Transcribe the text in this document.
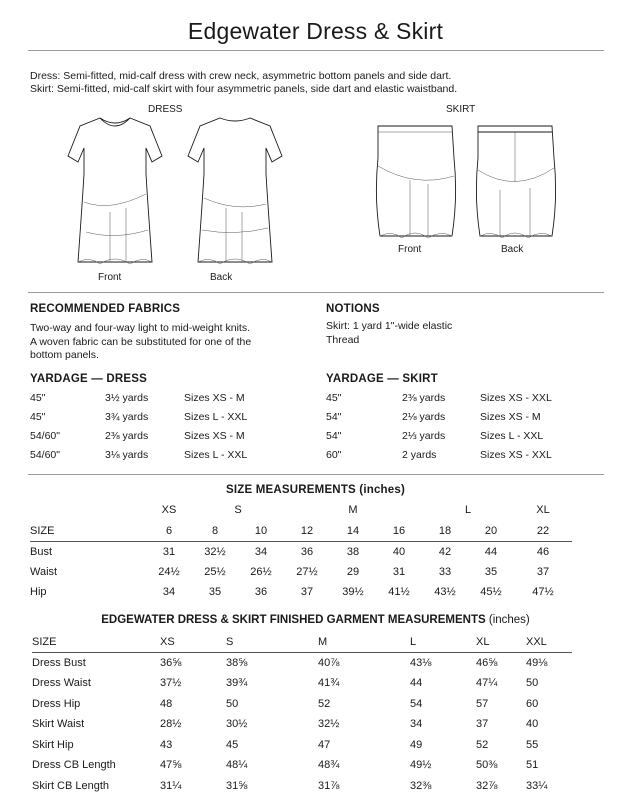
Edgewater Dress & Skirt
Dress: Semi-fitted, mid-calf dress with crew neck, asymmetric bottom panels and side dart.
Skirt: Semi-fitted, mid-calf skirt with four asymmetric panels, side dart and elastic waistband.
DRESS	SKIRT
Front	Back
Front	Back
RECOMMENDED FABRICS
Two-way and four-way light to mid-weight knits.
A woven fabric can be substituted for one of the
bottom panels.
NOTIONS
Skirt: 1 yard 1"-wide elastic
Thread
YARDAGE — DRESS
45"	3½ yards	Sizes XS - M
45"	3¾ yards	Sizes L - XXL
54/60"	2⅜ yards	Sizes XS - M
54/60"	3⅛ yards	Sizes L - XXL
YARDAGE — SKIRT
45"	2⅜ yards	Sizes XS - XXL
54"	2⅛ yards	Sizes XS - M
54"	2⅓ yards	Sizes L - XXL
60"	2 yards	Sizes XS - XXL
SIZE MEASUREMENTS (inches)
	XS	S		M			L		XL
SIZE	6	8	10	12	14	16	18	20	22
Bust	31	32½	34	36	38	40	42	44	46
Waist	24½	25½	26½	27½	29	31	33	35	37
Hip	34	35	36	37	39½	41½	43½	45½	47½
EDGEWATER DRESS & SKIRT FINISHED GARMENT MEASUREMENTS (inches)
SIZE	XS	S	M	L	XL	XXL
Dress Bust	36⅝	38⅝	40⅞	43⅛	46⅝	49⅛
Dress Waist	37½	39¾	41¾	44	47¼	50
Dress Hip	48	50	52	54	57	60
Skirt Waist	28½	30½	32½	34	37	40
Skirt Hip	43	45	47	49	52	55
Dress CB Length	47⅝	48¼	48¾	49½	50⅜	51
Skirt CB Length	31¼	31⅝	31⅞	32⅜	32⅞	33¼
